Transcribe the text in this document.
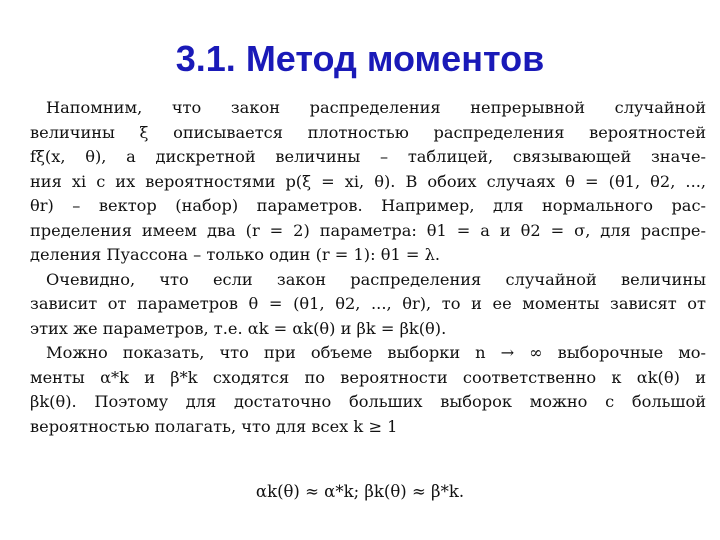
3.1. Метод моментов
Напомним, что закон распределения непрерывной случайной
величины ξ описывается плотностью распределения вероятностей
fξ(x, θ), а дискретной величины – таблицей, связывающей значе-
ния xi с их вероятностями p(ξ = xi, θ). В обоих случаях θ = (θ1, θ2, ...,
θr) – вектор (набор) параметров. Например, для нормального рас-
пределения имеем два (r = 2) параметра: θ1 = a и θ2 = σ, для распре-
деления Пуассона – только один (r = 1): θ1 = λ.
Очевидно, что если закон распределения случайной величины
зависит от параметров θ = (θ1, θ2, ..., θr), то и ее моменты зависят от
этих же параметров, т.е. αk = αk(θ) и βk = βk(θ).
Можно показать, что при объеме выборки n → ∞ выборочные мо-
менты α*k и β*k сходятся по вероятности соответственно к αk(θ) и
βk(θ). Поэтому для достаточно больших выборок можно с большой
вероятностью полагать, что для всех k ≥ 1
αk(θ) ≈ α*k; βk(θ) ≈ β*k.
